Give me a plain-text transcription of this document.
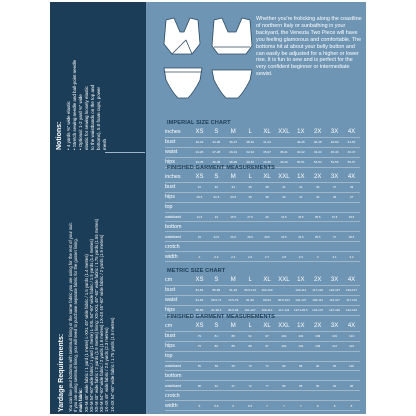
Notions: • 4 yards ⅜" wide elastic • Stretch sewing needle and ball-point needle • Optional: 1-2 yard ⅜" wide elastic for sewing loosely elastic to the waistbands on the top and bottoms), 5.0 foam cups, power mesh
Yardage Requirements: You can line your bottoms with swimsuit lining or the same fabric you are using for the rest of your suit. If you are using swimsuit lining, you will need to purchase separate fabric for the gusset lining. main fabric: XS-M 45" wide fabric / 1 yard (1 metre) L-XXL 45" wide fabric / 1.5 yards (1.4 metres) XS-M 54"-60" wide fabric / 1 yard (1 metre) L-XXL 54"-60" wide fabric / 1.5 yards (1.4 metres) XS-M 45" wide fabric / 2 yards (1.9 metres) lining: XS-XXL 45"-60" wide fabric / 1.75 yards (1.55 metres) XS-M 54"-60" wide fabric / 2 yards (1.9 metres) 1X-4X 45"-60" wide fabric / 2 yards (1.9 metres) 1X-4X 45" wide fabric / 2.5 yards (2.3 metres) 1X-4X 54"-60" wide fabric / 1.75 yards (1.5 metres)
Whether you're frolicking along the coastline of northern Italy or sunbathing in your backyard, the Venezia Two Piece will have you feeling glamorous and comfortable. The bottoms hit at about your belly button and can easily be adjusted for a higher or lower rise. It is fun to sew and is perfect for the very confident beginner or intermediate sewist.
IMPERIAL SIZE CHART
inches	XS	S	M	L	XL	XXL	1X	2X	3X	4X
bust	32-33	34-35	36-37	38-40	41-44		43-45	46-48	49-50	51-54
waist	24-26	27-28	29-31	32-34	35-37	38-41	40-42	43-44	45-46	46-47
hips	34-35	36-38	38-39	40-42	43-45	46-49	50-51	52-54	54-55	56-57
FINISHED GARMENT MEASUREMENTS
inches	XS	S	M	L	XL	XXL	1X	2X	3X	4X
bust	31	32	34	36	38	41	41	43	47	49
hips	29.5	31.5	33.5	35	38	40	41	43	45	47
top										
waistband	21.5	23	25.5	27.5	29	31.5	33.5	35.5	37.5	39.5
bottom										
waistband	23	24.5	26.5	28.5	30.5	32.5	33.5	35.5	37	38.5
crotch										
width	2	2.2	2.4	2.6	2.7	2.8	2.9	3	3.1	3.2
METRIC SIZE CHART
cm	XS	S	M	L	XL	XXL	1X	2X	3X	4X
bust	81-84	86-89	91-94	96.5-101	102-109		109-114	117-122	124-127	129-137
waist	61-66	68.5-71	73.5-79	81-86	89-94	96.5-104	101-107	109-112	114-117	117-119
hips	86-89	91-96.5	96.5-99	101-107	109-114	117-124	127-129.5	132-137	137-140	142-145
FINISHED GARMENT MEASUREMENTS
cm	XS	S	M	L	XL	XXL	1X	2X	3X	4X
bust	79	81	86	91	97	104	104	109	119	124
hips	75	80	85	89	97	102	104	109	114	119
top										
waistband	55	58	65	70	74	80	85	90	95	100
bottom										
waistband	58	62	67	72	77	83	85	90	94	98
crotch										
width	5	5.5	6	6.5	7	7	7	8	8	8
